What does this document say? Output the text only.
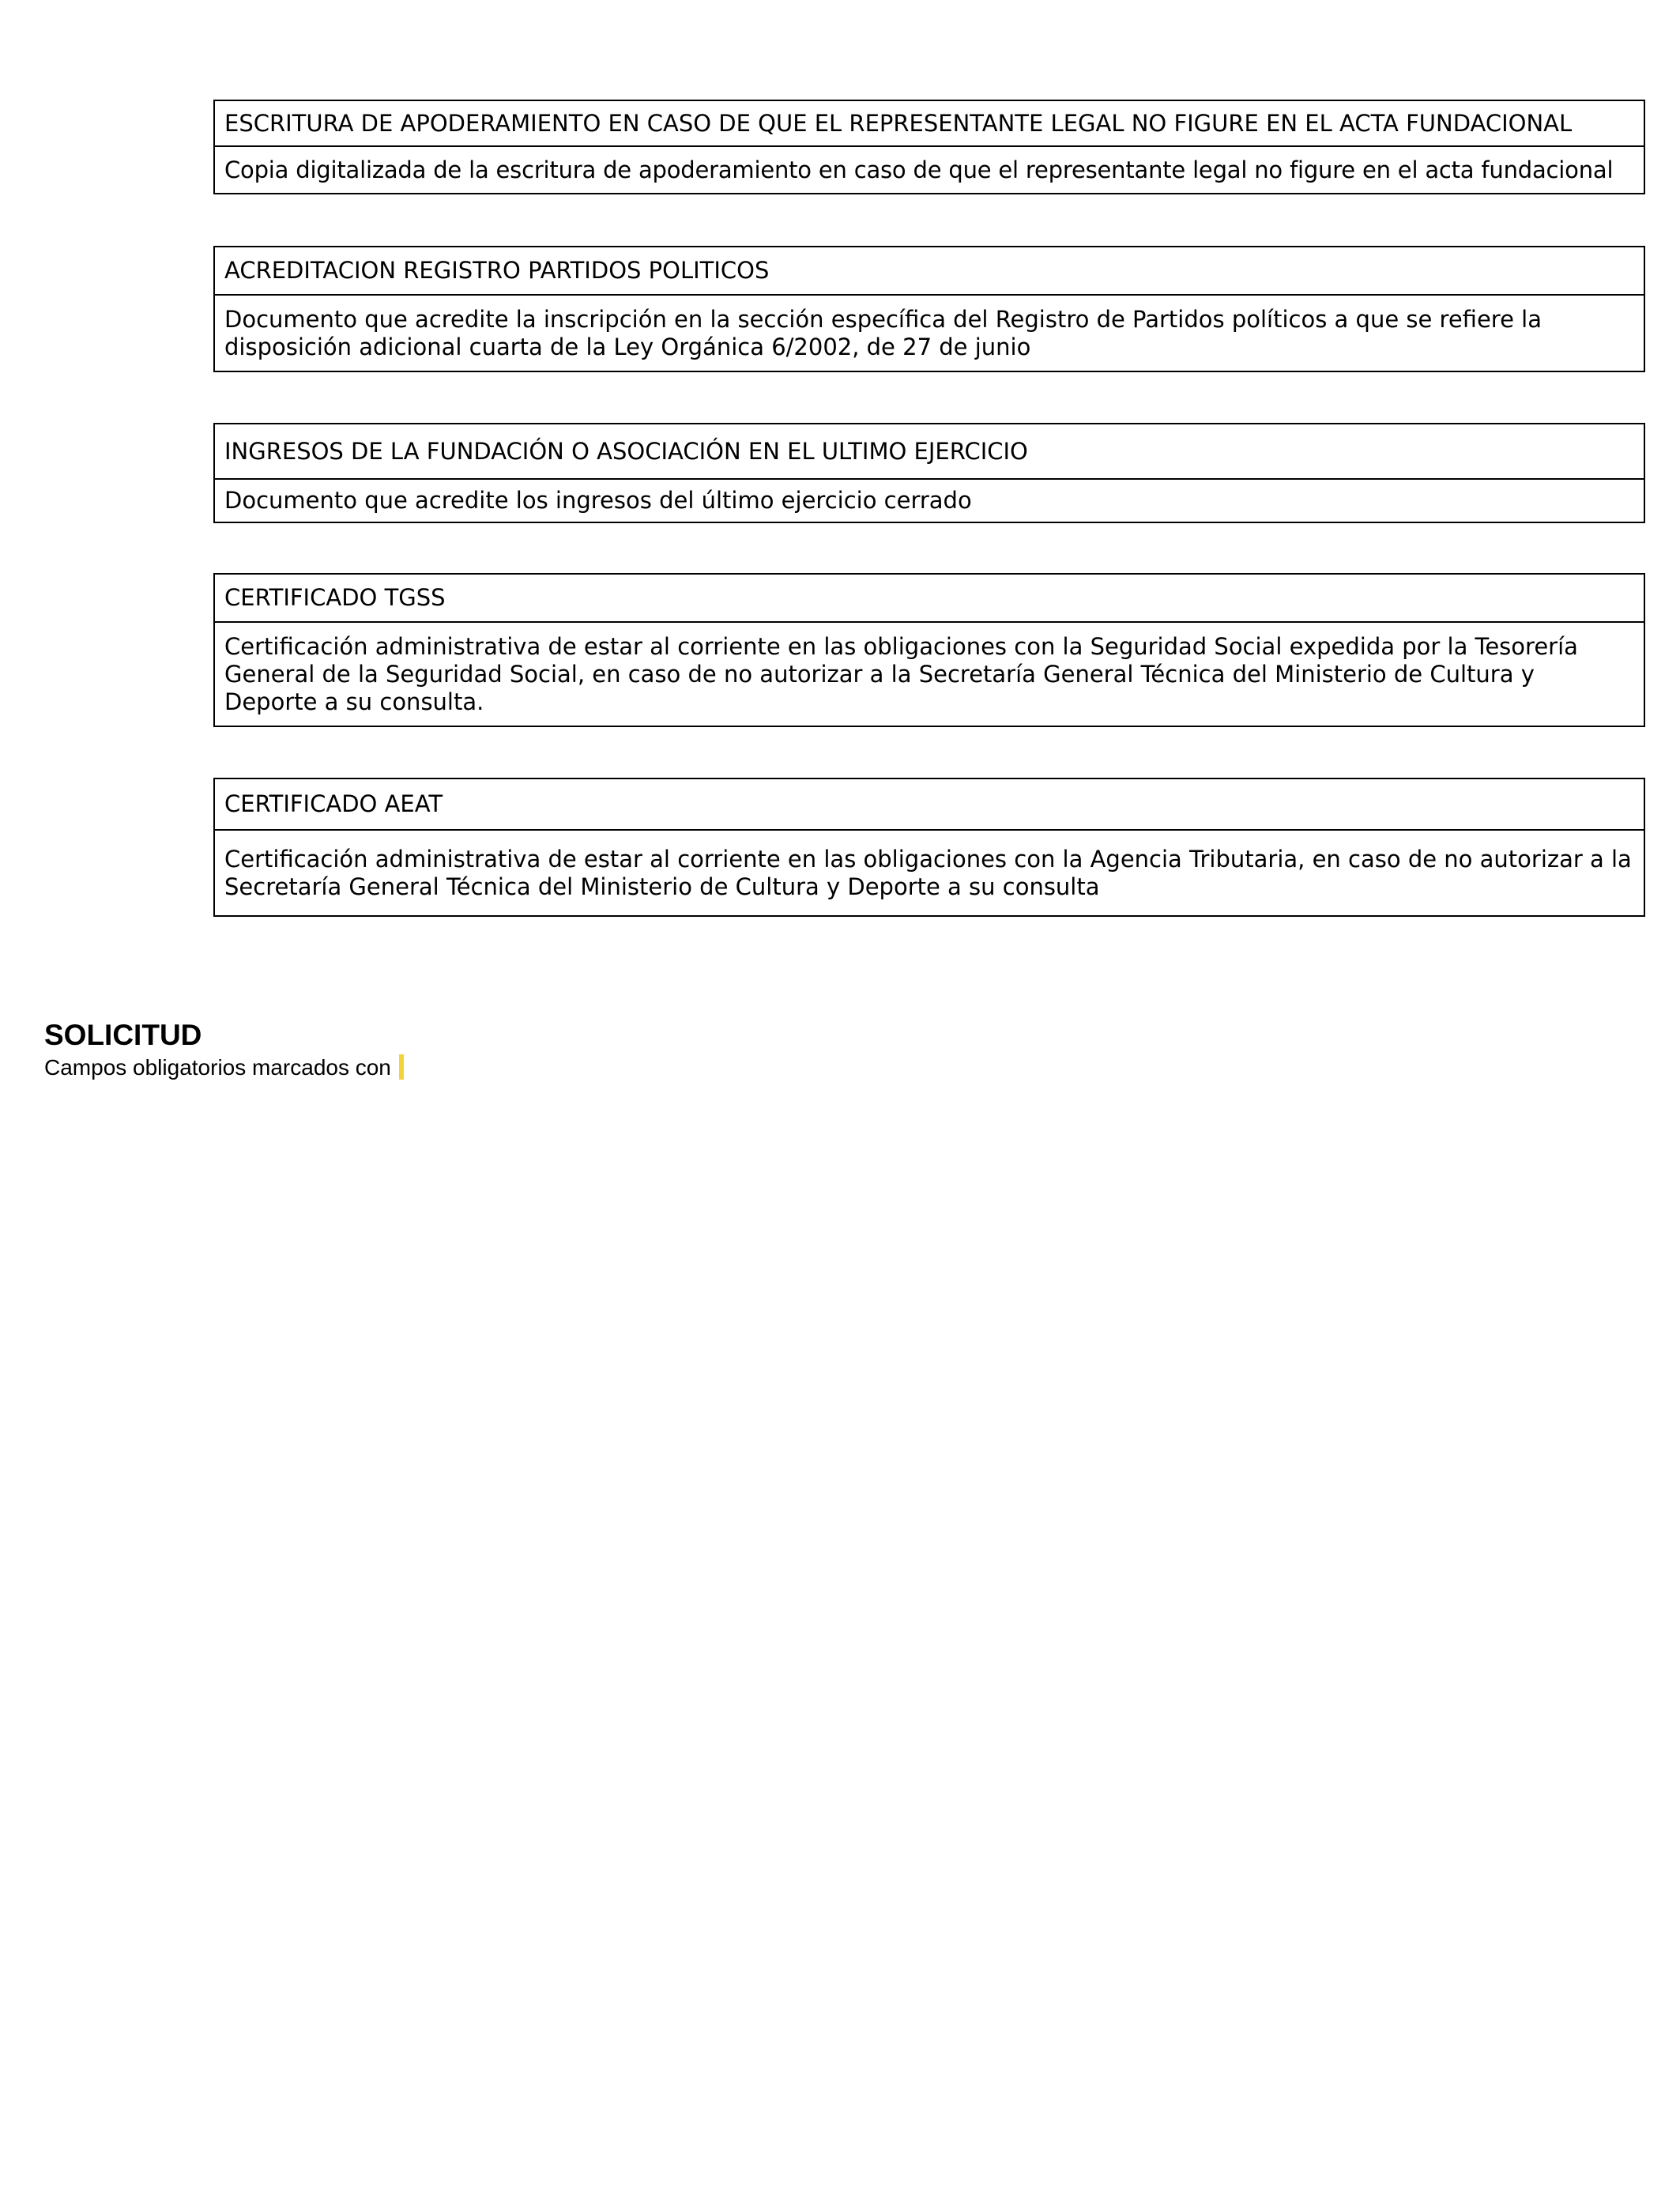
ESCRITURA DE APODERAMIENTO EN CASO DE QUE EL REPRESENTANTE LEGAL NO FIGURE EN EL ACTA FUNDACIONAL
Copia digitalizada de la escritura de apoderamiento en caso de que el representante legal no figure en el acta fundacional
ACREDITACION REGISTRO PARTIDOS POLITICOS
Documento que acredite la inscripción en la sección específica del Registro de Partidos políticos a que se refiere la disposición adicional cuarta de la Ley Orgánica 6/2002, de 27 de junio
INGRESOS DE LA FUNDACIÓN O ASOCIACIÓN EN EL ULTIMO EJERCICIO
Documento que acredite los ingresos del último ejercicio cerrado
CERTIFICADO TGSS
Certificación administrativa de estar al corriente en las obligaciones con la Seguridad Social expedida por la Tesorería General de la Seguridad Social, en caso de no autorizar a la Secretaría General Técnica del Ministerio de Cultura y Deporte a su consulta.
CERTIFICADO AEAT
Certificación administrativa de estar al corriente en las obligaciones con la Agencia Tributaria, en caso de no autorizar a la Secretaría General Técnica del Ministerio de Cultura y Deporte a su consulta
SOLICITUD
Campos obligatorios marcados con
